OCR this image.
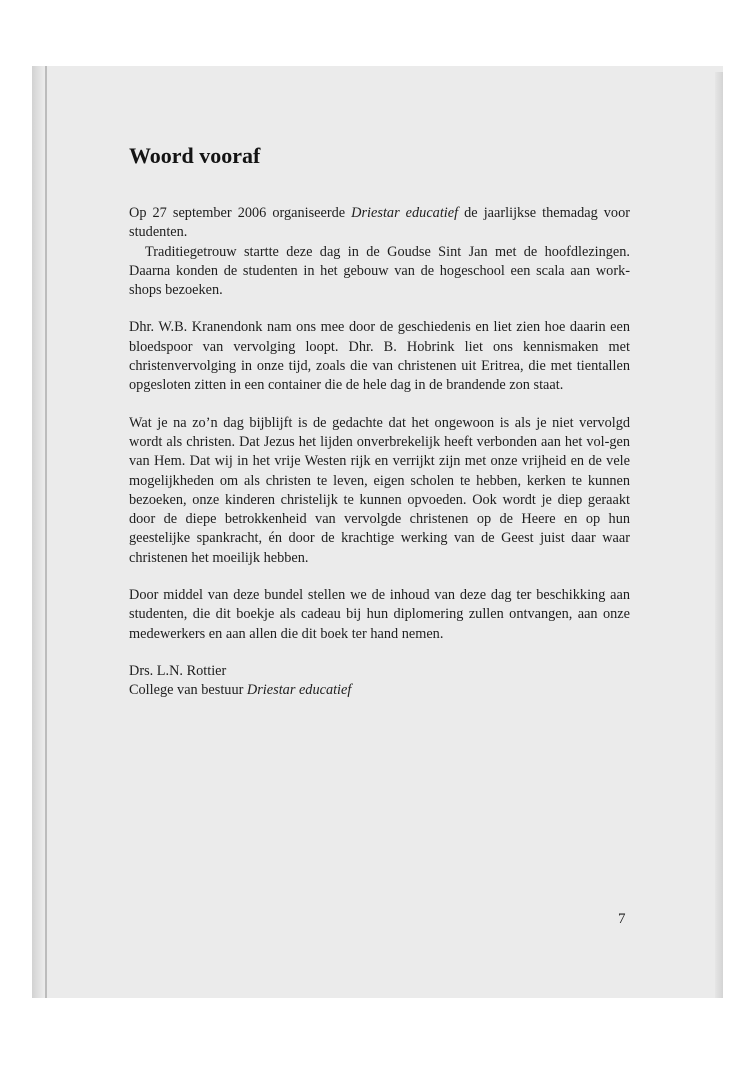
Woord vooraf

Op 27 september 2006 organiseerde Driestar educatief de jaarlijkse themadag voor studenten.

Traditiegetrouw startte deze dag in de Goudse Sint Jan met de hoofdlezingen. Daarna konden de studenten in het gebouw van de hogeschool een scala aan work-shops bezoeken.

Dhr. W.B. Kranendonk nam ons mee door de geschiedenis en liet zien hoe daarin een bloedspoor van vervolging loopt. Dhr. B. Hobrink liet ons kennismaken met christenvervolging in onze tijd, zoals die van christenen uit Eritrea, die met tientallen opgesloten zitten in een container die de hele dag in de brandende zon staat.

Wat je na zo’n dag bijblijft is de gedachte dat het ongewoon is als je niet vervolgd wordt als christen. Dat Jezus het lijden onverbrekelijk heeft verbonden aan het vol-gen van Hem. Dat wij in het vrije Westen rijk en verrijkt zijn met onze vrijheid en de vele mogelijkheden om als christen te leven, eigen scholen te hebben, kerken te kunnen bezoeken, onze kinderen christelijk te kunnen opvoeden. Ook wordt je diep geraakt door de diepe betrokkenheid van vervolgde christenen op de Heere en op hun geestelijke spankracht, én door de krachtige werking van de Geest juist daar waar christenen het moeilijk hebben.

Door middel van deze bundel stellen we de inhoud van deze dag ter beschikking aan studenten, die dit boekje als cadeau bij hun diplomering zullen ontvangen, aan onze medewerkers en aan allen die dit boek ter hand nemen.

Drs. L.N. Rottier

College van bestuur Driestar educatief

7
